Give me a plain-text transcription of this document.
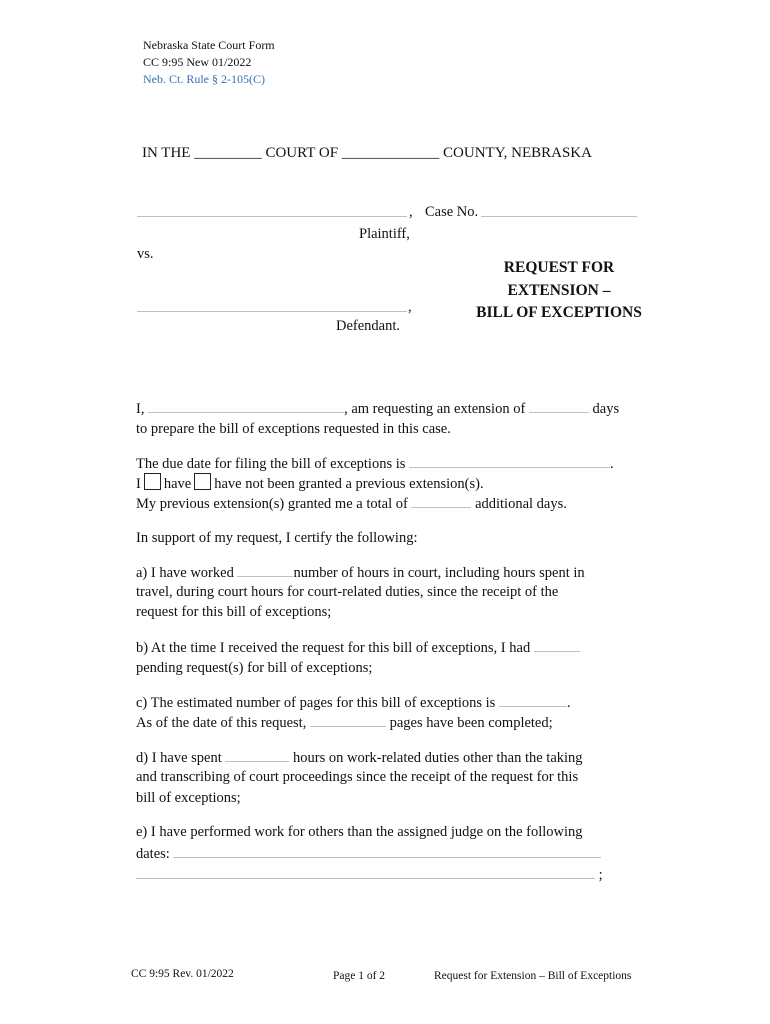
Nebraska State Court Form
CC 9:95 New 01/2022
Neb. Ct. Rule § 2-105(C)
IN THE _________ COURT OF _____________ COUNTY, NEBRASKA
, Case No.
Plaintiff,
vs.
,
Defendant.
REQUEST FOR
EXTENSION –
BILL OF EXCEPTIONS
I,	, am requesting an extension of	days
to prepare the bill of exceptions requested in this case.
The due date for filing the bill of exceptions is	.
I have have not been granted a previous extension(s).
My previous extension(s) granted me a total of	additional days.
In support of my request, I certify the following:
a) I have worked	number of hours in court, including hours spent in
travel, during court hours for court-related duties, since the receipt of the
request for this bill of exceptions;
b) At the time I received the request for this bill of exceptions, I had
pending request(s) for bill of exceptions;
c) The estimated number of pages for this bill of exceptions is	.
As of the date of this request,	pages have been completed;
d) I have spent	hours on work-related duties other than the taking
and transcribing of court proceedings since the receipt of the request for this
bill of exceptions;
e) I have performed work for others than the assigned judge on the following
dates:
;
CC 9:95 Rev. 01/2022	Page 1 of 2	Request for Extension – Bill of Exceptions
